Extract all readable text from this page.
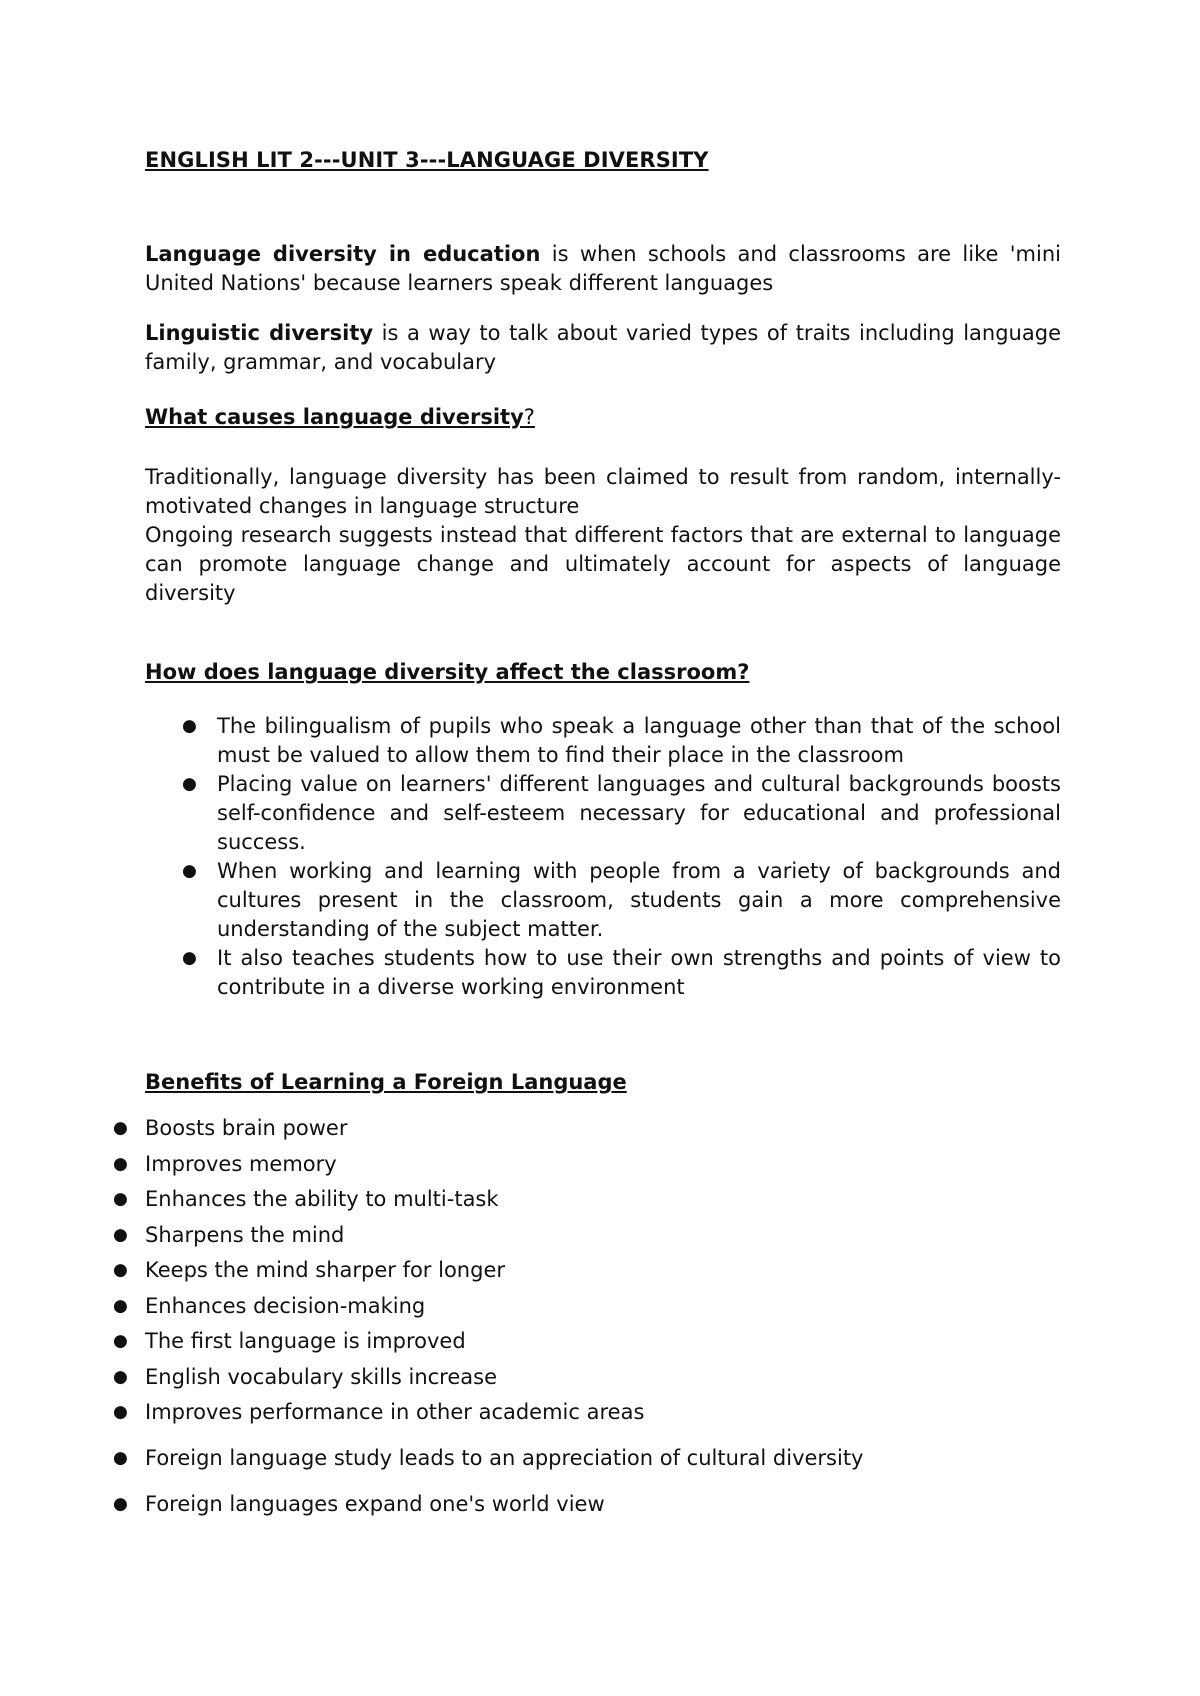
ENGLISH LIT 2---UNIT 3---LANGUAGE DIVERSITY

Language diversity in education is when schools and classrooms are like 'mini United Nations' because learners speak different languages

Linguistic diversity is a way to talk about varied types of traits including language family, grammar, and vocabulary

What causes language diversity?

Traditionally, language diversity has been claimed to result from random, internally-motivated changes in language structure

Ongoing research suggests instead that different factors that are external to language can promote language change and ultimately account for aspects of language diversity

How does language diversity affect the classroom?

● The bilingualism of pupils who speak a language other than that of the school must be valued to allow them to find their place in the classroom
● Placing value on learners' different languages and cultural backgrounds boosts self-confidence and self-esteem necessary for educational and professional success.
● When working and learning with people from a variety of backgrounds and cultures present in the classroom, students gain a more comprehensive understanding of the subject matter.
● It also teaches students how to use their own strengths and points of view to contribute in a diverse working environment

Benefits of Learning a Foreign Language

● Boosts brain power
● Improves memory
● Enhances the ability to multi-task
● Sharpens the mind
● Keeps the mind sharper for longer
● Enhances decision-making
● The first language is improved
● English vocabulary skills increase
● Improves performance in other academic areas
● Foreign language study leads to an appreciation of cultural diversity
● Foreign languages expand one's world view
